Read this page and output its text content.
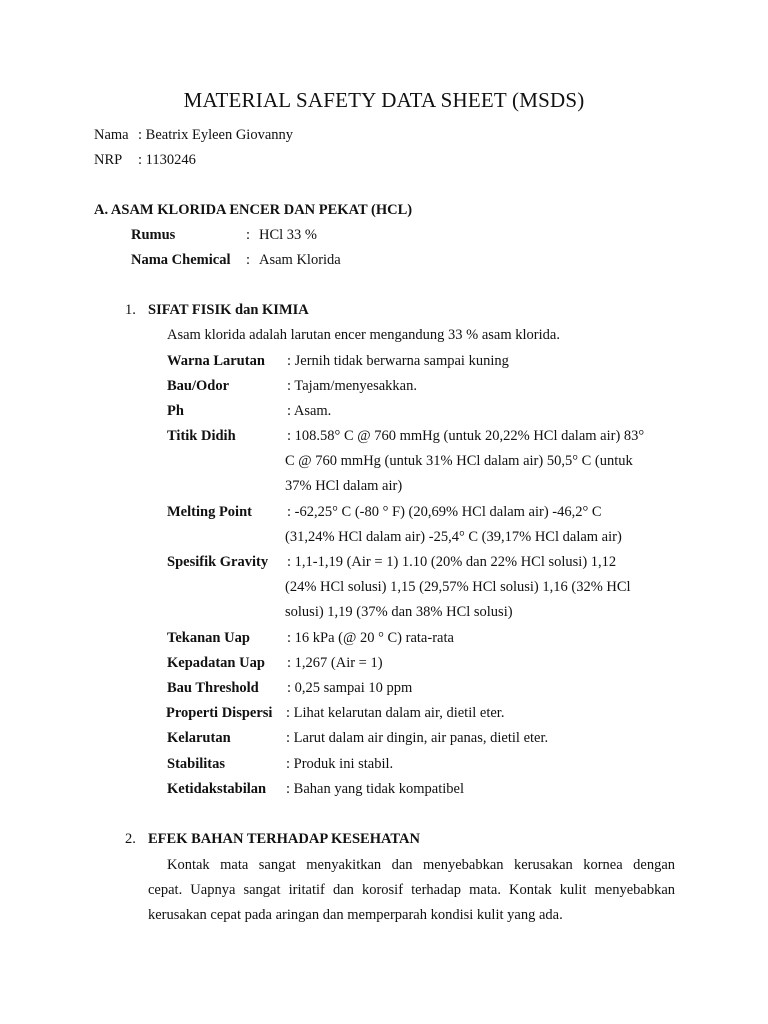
MATERIAL SAFETY DATA SHEET (MSDS)
Nama : Beatrix Eyleen Giovanny
NRP : 1130246
A. ASAM KLORIDA ENCER DAN PEKAT (HCL)
Rumus	: HCl 33 %
Nama Chemical : Asam Klorida
1. SIFAT FISIK dan KIMIA
Asam klorida adalah larutan encer mengandung 33 % asam klorida.
Warna Larutan : Jernih tidak berwarna sampai kuning
Bau/Odor	: Tajam/menyesakkan.
Ph	: Asam.
Titik Didih	: 108.58° C @ 760 mmHg (untuk 20,22% HCl dalam air) 83°
C @ 760 mmHg (untuk 31% HCl dalam air) 50,5° C (untuk
37% HCl dalam air)
Melting Point : -62,25° C (-80 ° F) (20,69% HCl dalam air) -46,2° C
(31,24% HCl dalam air) -25,4° C (39,17% HCl dalam air)
Spesifik Gravity : 1,1-1,19 (Air = 1) 1.10 (20% dan 22% HCl solusi) 1,12
(24% HCl solusi) 1,15 (29,57% HCl solusi) 1,16 (32% HCl
solusi) 1,19 (37% dan 38% HCl solusi)
Tekanan Uap	: 16 kPa (@ 20 ° C) rata-rata
Kepadatan Uap : 1,267 (Air = 1)
Bau Threshold : 0,25 sampai 10 ppm
Properti Dispersi : Lihat kelarutan dalam air, dietil eter.
Kelarutan	: Larut dalam air dingin, air panas, dietil eter.
Stabilitas	: Produk ini stabil.
Ketidakstabilan : Bahan yang tidak kompatibel
2. EFEK BAHAN TERHADAP KESEHATAN
Kontak mata sangat menyakitkan dan menyebabkan kerusakan kornea dengan
cepat. Uapnya sangat iritatif dan korosif terhadap mata. Kontak kulit menyebabkan
kerusakan cepat pada aringan dan memperparah kondisi kulit yang ada.
